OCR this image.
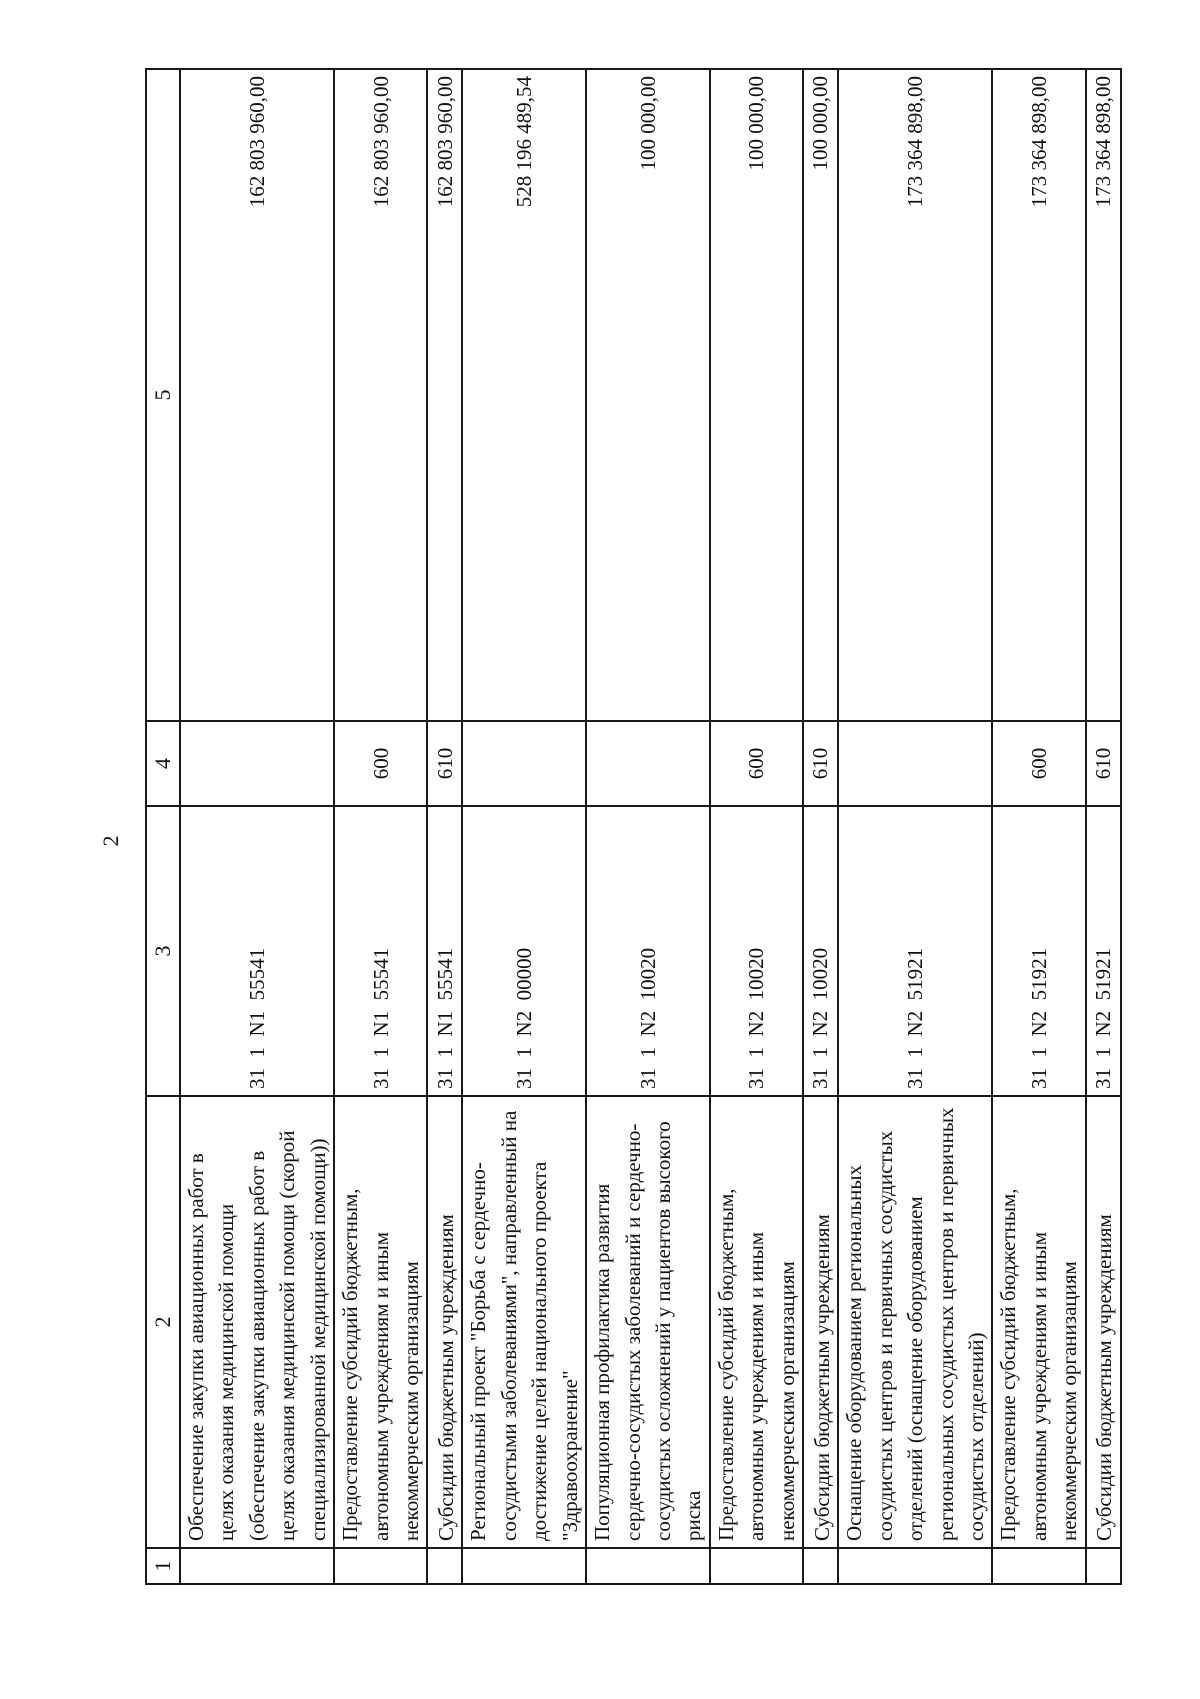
2
1	2	3	4	5
	Обеспечение закупки авиационных работ в целях оказания медицинской помощи (обеспечение закупки авиационных работ в целях оказания медицинской помощи (скорой специализированной медицинской помощи))	31  1  N1  55541		162 803 960,00
	Предоставление субсидий бюджетным, автономным учреждениям и иным некоммерческим организациям	31  1  N1  55541	600	162 803 960,00
	Субсидии бюджетным учреждениям	31  1  N1  55541	610	162 803 960,00
	Региональный проект "Борьба с сердечно-сосудистыми заболеваниями", направленный на достижение целей национального проекта "Здравоохранение"	31  1  N2  00000		528 196 489,54
	Популяционная профилактика развития сердечно-сосудистых заболеваний и сердечно-сосудистых осложнений у пациентов высокого риска	31  1  N2  10020		100 000,00
	Предоставление субсидий бюджетным, автономным учреждениям и иным некоммерческим организациям	31  1  N2  10020	600	100 000,00
	Субсидии бюджетным учреждениям	31  1  N2  10020	610	100 000,00
	Оснащение оборудованием региональных сосудистых центров и первичных сосудистых отделений (оснащение оборудованием региональных сосудистых центров и первичных сосудистых отделений)	31  1  N2  51921		173 364 898,00
	Предоставление субсидий бюджетным, автономным учреждениям и иным некоммерческим организациям	31  1  N2  51921	600	173 364 898,00
	Субсидии бюджетным учреждениям	31  1  N2  51921	610	173 364 898,00
